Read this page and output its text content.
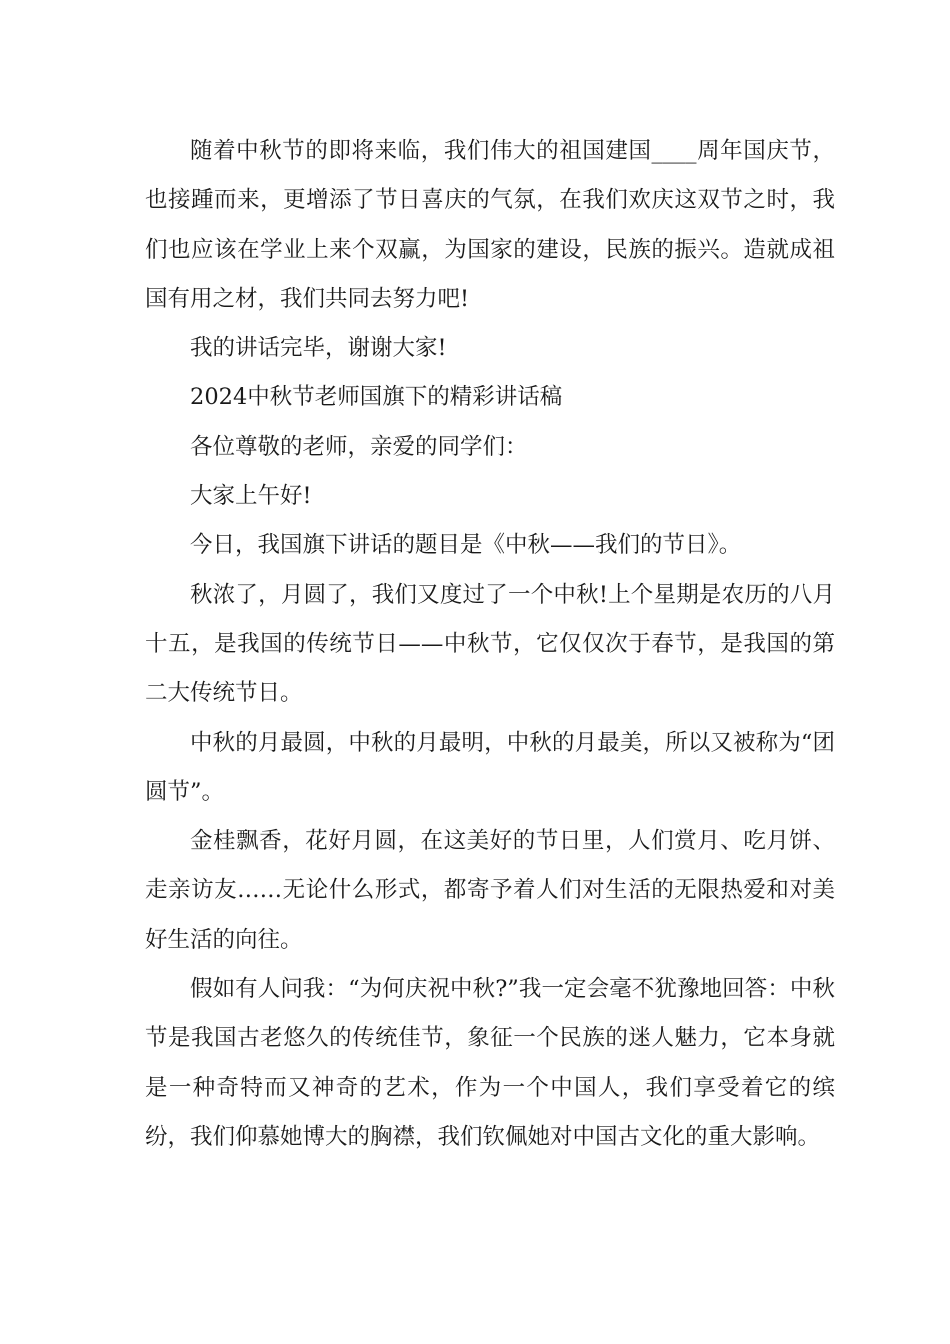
随着中秋节的即将来临，我们伟大的祖国建国____周年国庆节，也接踵而来，更增添了节日喜庆的气氛，在我们欢庆这双节之时，我们也应该在学业上来个双赢，为国家的建设，民族的振兴。造就成祖国有用之材，我们共同去努力吧!

我的讲话完毕，谢谢大家!

2024中秋节老师国旗下的精彩讲话稿

各位尊敬的老师，亲爱的同学们：

大家上午好!

今日，我国旗下讲话的题目是《中秋——我们的节日》。

秋浓了，月圆了，我们又度过了一个中秋!上个星期是农历的八月十五，是我国的传统节日——中秋节，它仅仅次于春节，是我国的第二大传统节日。

中秋的月最圆，中秋的月最明，中秋的月最美，所以又被称为“团圆节”。

金桂飘香，花好月圆，在这美好的节日里，人们赏月、吃月饼、走亲访友……无论什么形式，都寄予着人们对生活的无限热爱和对美好生活的向往。

假如有人问我：“为何庆祝中秋?”我一定会毫不犹豫地回答：中秋节是我国古老悠久的传统佳节，象征一个民族的迷人魅力，它本身就是一种奇特而又神奇的艺术，作为一个中国人，我们享受着它的缤纷，我们仰慕她博大的胸襟，我们钦佩她对中国古文化的重大影响。
